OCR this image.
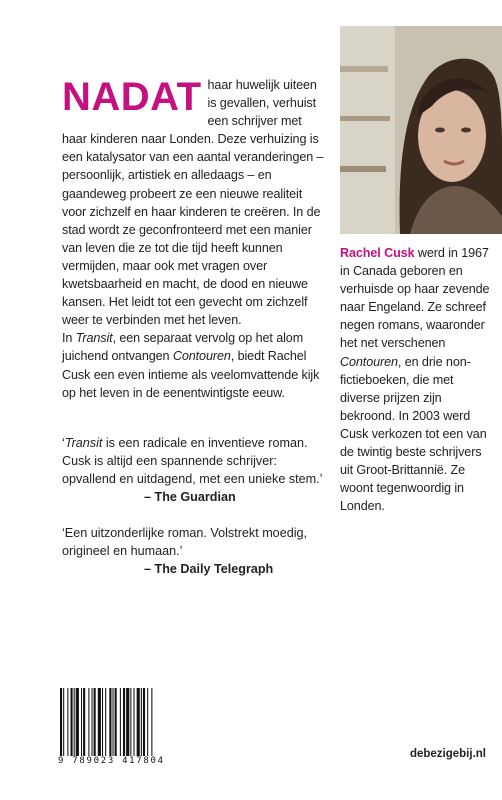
NADAT haar huwelijk uiteen is gevallen, verhuist een schrijver met haar kinderen naar Londen. Deze verhuizing is een katalysator van een aantal veranderingen – persoonlijk, artistiek en alledaags – en gaandeweg probeert ze een nieuwe realiteit voor zichzelf en haar kinderen te creëren. In de stad wordt ze geconfronteerd met een manier van leven die ze tot die tijd heeft kunnen vermijden, maar ook met vragen over kwetsbaarheid en macht, de dood en nieuwe kansen. Het leidt tot een gevecht om zichzelf weer te verbinden met het leven.

In Transit, een separaat vervolg op het alom juichend ontvangen Contouren, biedt Rachel Cusk een even intieme als veelomvattende kijk op het leven in de eenentwintigste eeuw.

‘Transit is een radicale en inventieve roman. Cusk is altijd een spannende schrijver: opvallend en uitdagend, met een unieke stem.’

– The Guardian

‘Een uitzonderlijke roman. Volstrekt moedig, origineel en humaan.’

– The Daily Telegraph

Rachel Cusk werd in 1967 in Canada geboren en verhuisde op haar zevende naar Engeland. Ze schreef negen romans, waaronder het net verschenen Contouren, en drie non-fictieboeken, die met diverse prijzen zijn bekroond. In 2003 werd Cusk verkozen tot een van de twintig beste schrijvers uit Groot-Brittannië. Ze woont tegenwoordig in Londen.

9 789023 417804
debezigebij.nl
